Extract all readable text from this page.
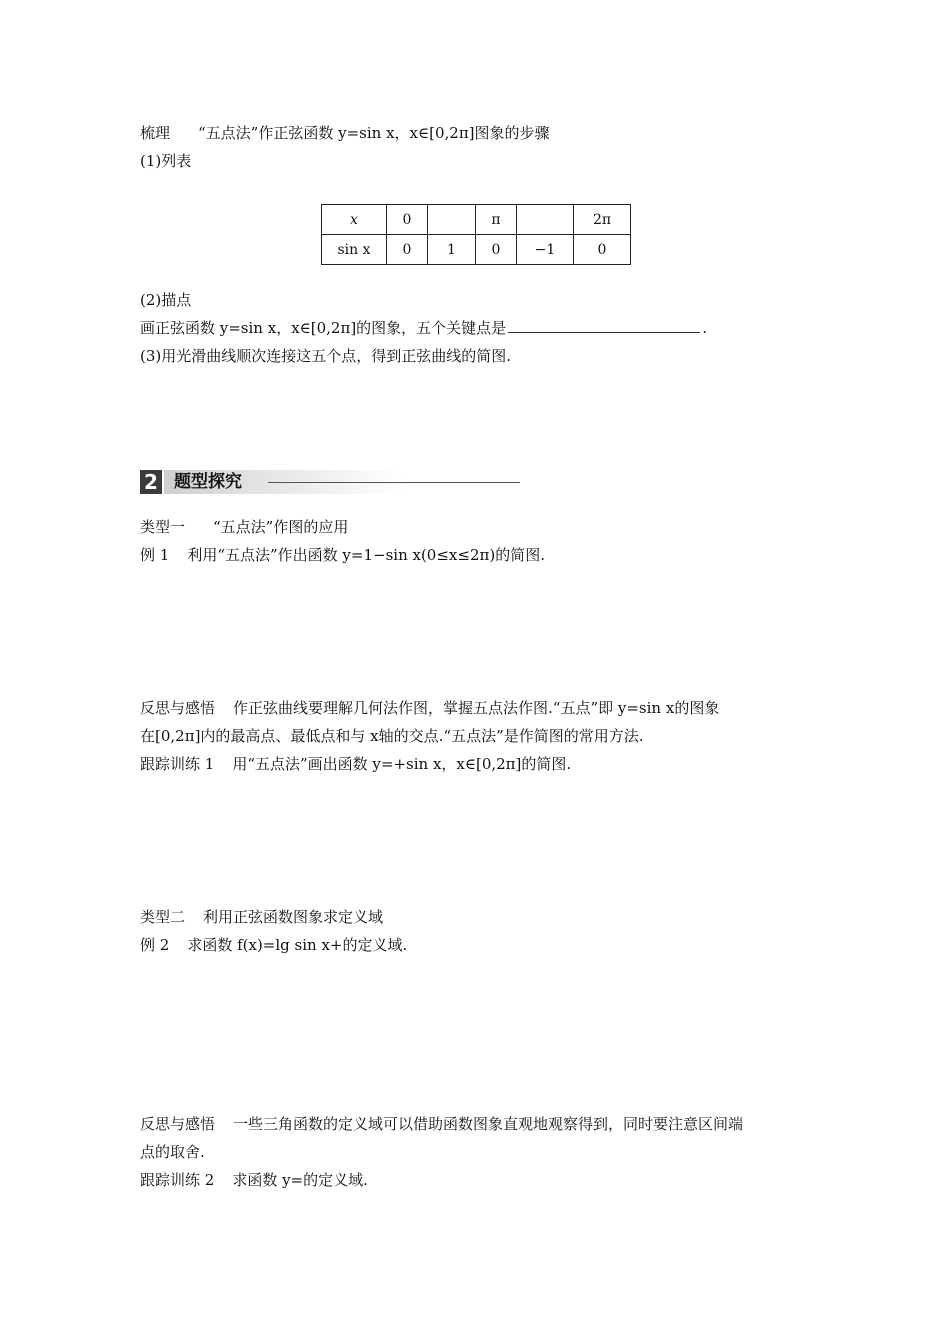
梳理 “五点法”作正弦函数 y=sin x，x∈[0,2π]图象的步骤
(1)列表
x	0		π		2π
sin x	0	1	0	−1	0
(2)描点
画正弦函数 y=sin x，x∈[0,2π]的图象，五个关键点是	.
(3)用光滑曲线顺次连接这五个点，得到正弦曲线的简图.
2 题型探究
类型一 “五点法”作图的应用
例 1 利用“五点法”作出函数 y=1−sin x(0≤x≤2π)的简图.
反思与感悟 作正弦曲线要理解几何法作图，掌握五点法作图.“五点”即 y=sin x的图象
在[0,2π]内的最高点、最低点和与 x轴的交点.“五点法”是作简图的常用方法.
跟踪训练 1 用“五点法”画出函数 y=+sin x，x∈[0,2π]的简图.
类型二 利用正弦函数图象求定义域
例 2 求函数 f(x)=lg sin x+的定义域.
反思与感悟 一些三角函数的定义域可以借助函数图象直观地观察得到，同时要注意区间端
点的取舍.
跟踪训练 2 求函数 y=的定义域.
